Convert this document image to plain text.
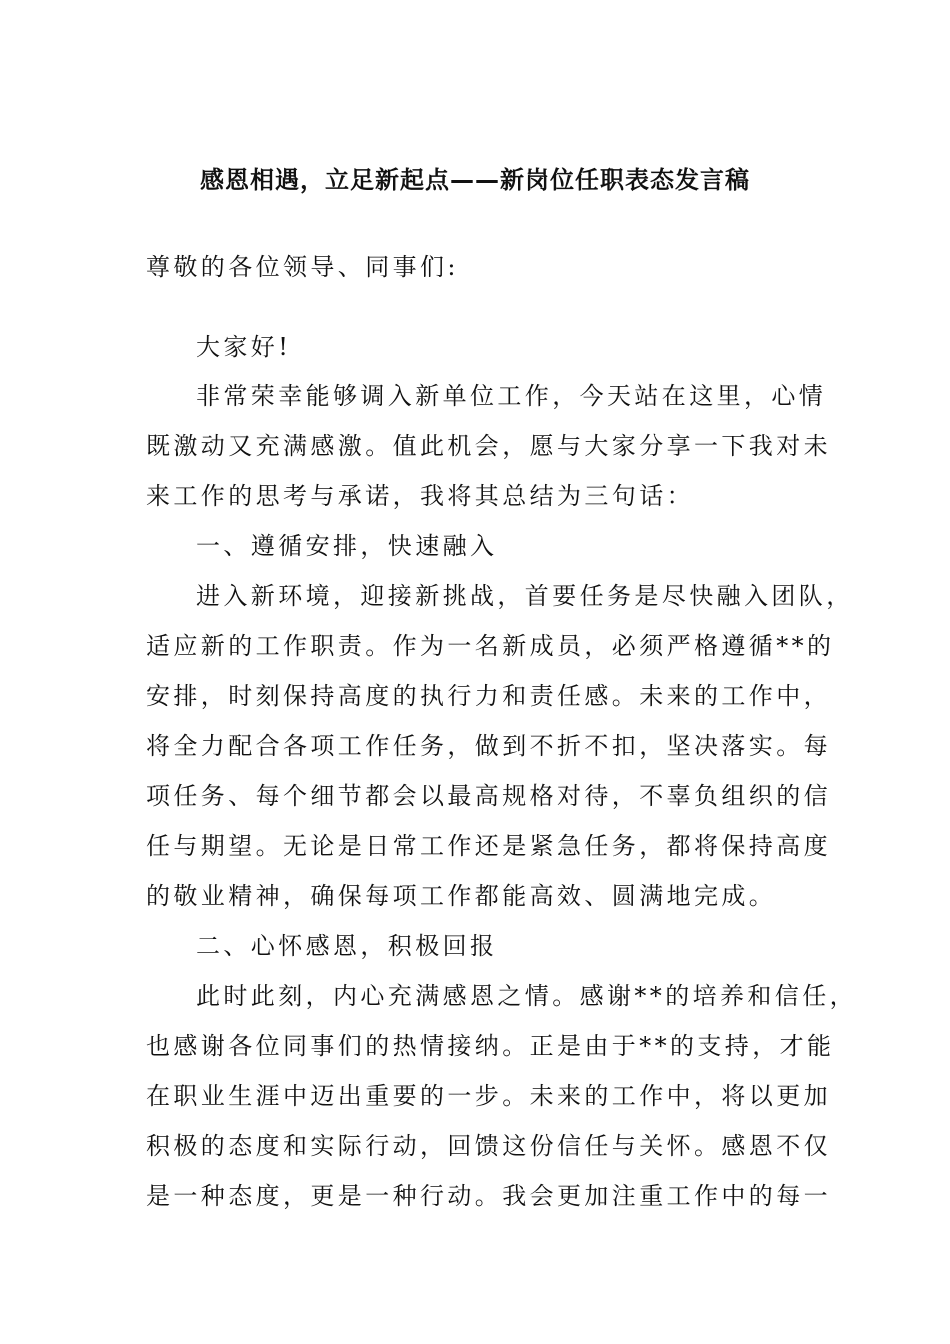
感恩相遇，立足新起点——新岗位任职表态发言稿
尊敬的各位领导、同事们:
大家好!
非常荣幸能够调入新单位工作，今天站在这里，心情
既激动又充满感激。值此机会，愿与大家分享一下我对未
来工作的思考与承诺，我将其总结为三句话：
一、遵循安排，快速融入
进入新环境，迎接新挑战，首要任务是尽快融入团队，
适应新的工作职责。作为一名新成员，必须严格遵循**的
安排，时刻保持高度的执行力和责任感。未来的工作中，
将全力配合各项工作任务，做到不折不扣，坚决落实。每
项任务、每个细节都会以最高规格对待，不辜负组织的信
任与期望。无论是日常工作还是紧急任务，都将保持高度
的敬业精神，确保每项工作都能高效、圆满地完成。
二、心怀感恩，积极回报
此时此刻，内心充满感恩之情。感谢**的培养和信任，
也感谢各位同事们的热情接纳。正是由于**的支持，才能
在职业生涯中迈出重要的一步。未来的工作中，将以更加
积极的态度和实际行动，回馈这份信任与关怀。感恩不仅
是一种态度，更是一种行动。我会更加注重工作中的每一
